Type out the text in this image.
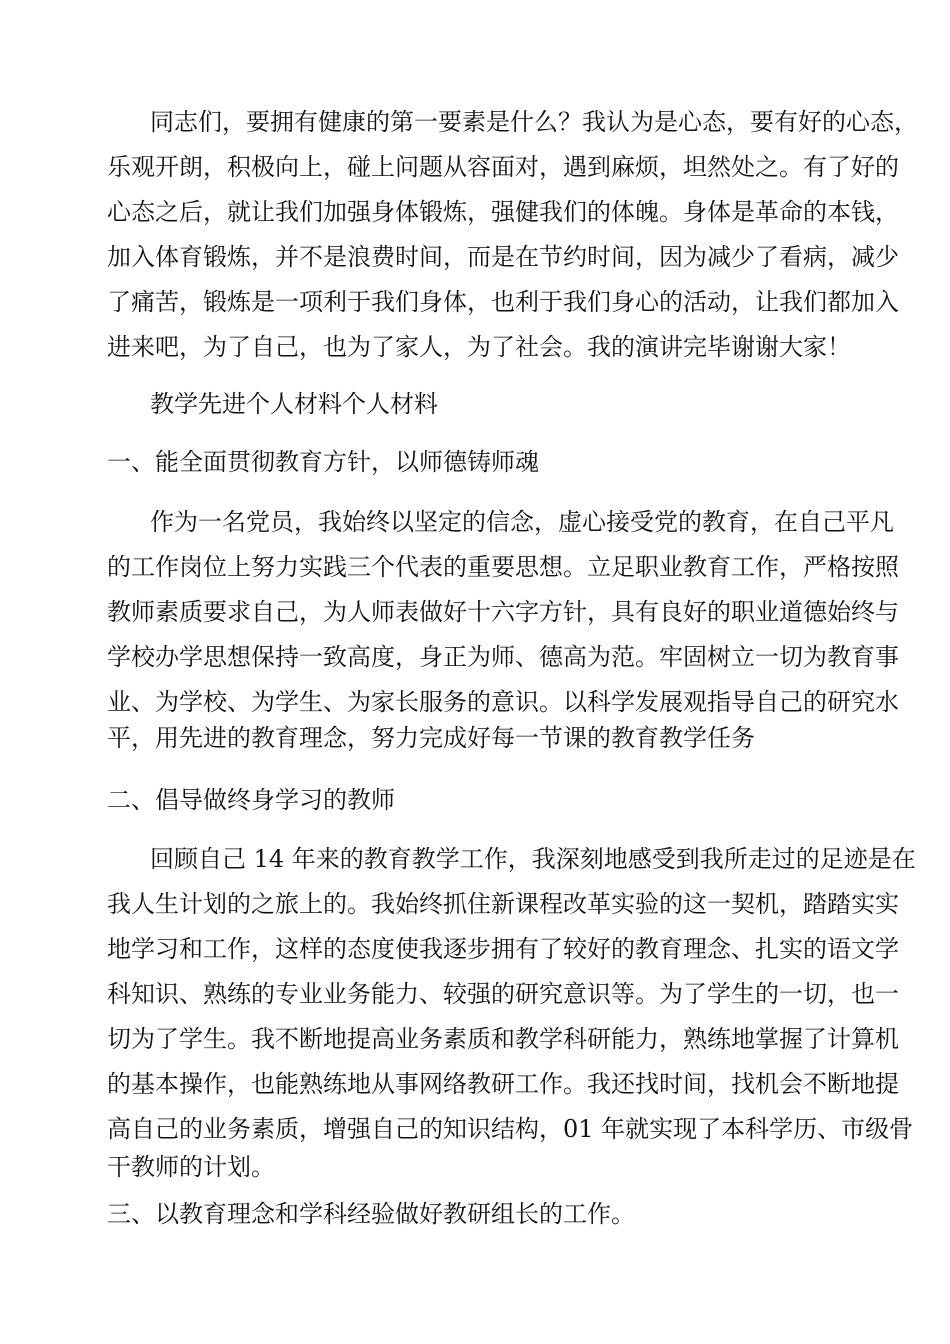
同志们，要拥有健康的第一要素是什么？我认为是心态，要有好的心态，
乐观开朗，积极向上，碰上问题从容面对，遇到麻烦，坦然处之。有了好的
心态之后，就让我们加强身体锻炼，强健我们的体魄。身体是革命的本钱，
加入体育锻炼，并不是浪费时间，而是在节约时间，因为减少了看病，减少
了痛苦，锻炼是一项利于我们身体，也利于我们身心的活动，让我们都加入
进来吧，为了自己，也为了家人，为了社会。我的演讲完毕谢谢大家！
教学先进个人材料个人材料
一、能全面贯彻教育方针，以师德铸师魂
作为一名党员，我始终以坚定的信念，虚心接受党的教育，在自己平凡
的工作岗位上努力实践三个代表的重要思想。立足职业教育工作，严格按照
教师素质要求自己，为人师表做好十六字方针，具有良好的职业道德始终与
学校办学思想保持一致高度，身正为师、德高为范。牢固树立一切为教育事
业、为学校、为学生、为家长服务的意识。以科学发展观指导自己的研究水
平，用先进的教育理念，努力完成好每一节课的教育教学任务
二、倡导做终身学习的教师
回顾自己 14 年来的教育教学工作，我深刻地感受到我所走过的足迹是在
我人生计划的之旅上的。我始终抓住新课程改革实验的这一契机，踏踏实实
地学习和工作，这样的态度使我逐步拥有了较好的教育理念、扎实的语文学
科知识、熟练的专业业务能力、较强的研究意识等。为了学生的一切，也一
切为了学生。我不断地提高业务素质和教学科研能力，熟练地掌握了计算机
的基本操作，也能熟练地从事网络教研工作。我还找时间，找机会不断地提
高自己的业务素质，增强自己的知识结构，01 年就实现了本科学历、市级骨
干教师的计划。
三、以教育理念和学科经验做好教研组长的工作。
